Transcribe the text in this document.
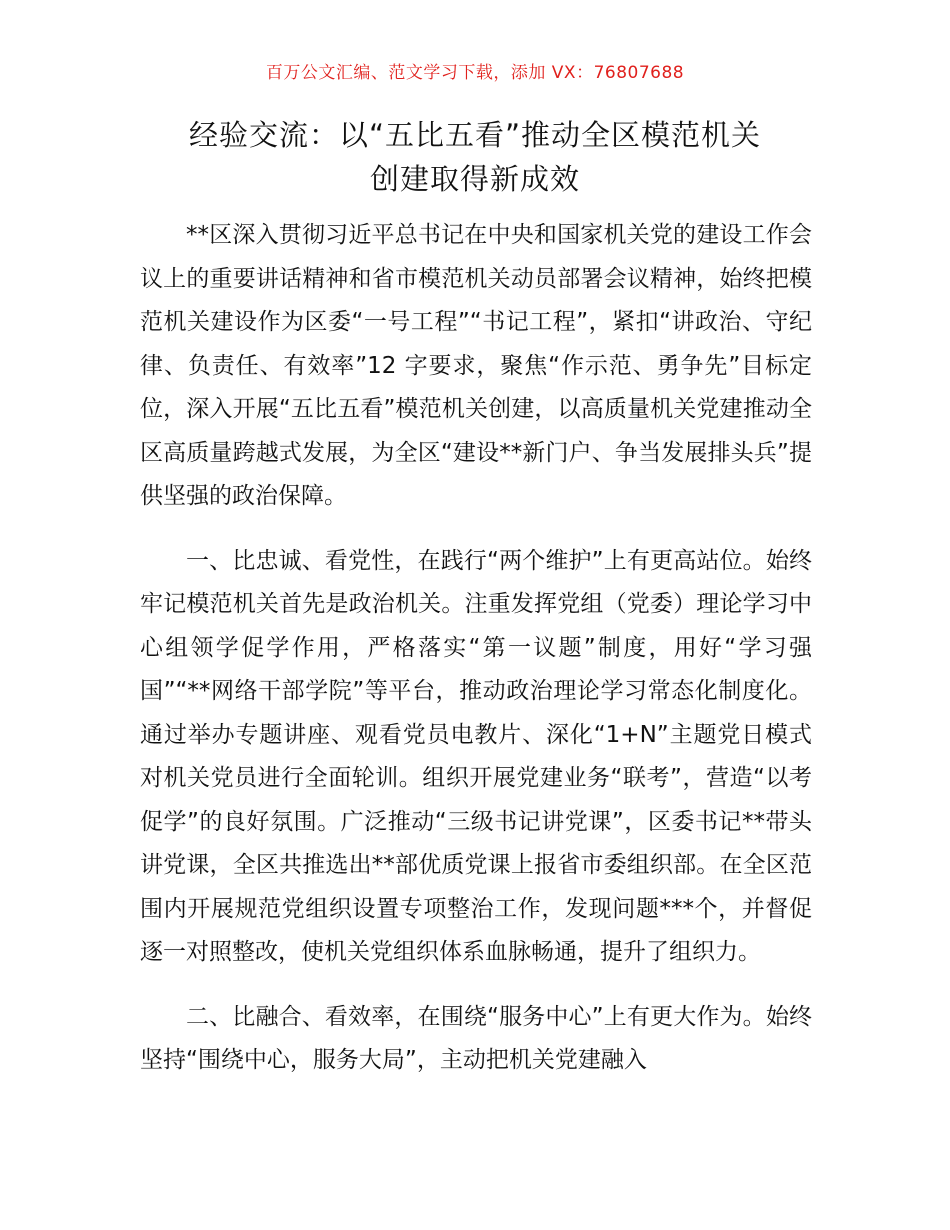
百万公文汇编、范文学习下载，添加 VX：76807688
经验交流：以“五比五看”推动全区模范机关
创建取得新成效

**区深入贯彻习近平总书记在中央和国家机关党的建设工作会议上的重要讲话精神和省市模范机关动员部署会议精神，始终把模范机关建设作为区委“一号工程”“书记工程”，紧扣“讲政治、守纪律、负责任、有效率”12 字要求，聚焦“作示范、勇争先”目标定位，深入开展“五比五看”模范机关创建，以高质量机关党建推动全区高质量跨越式发展，为全区“建设**新门户、争当发展排头兵”提供坚强的政治保障。

一、比忠诚、看党性，在践行“两个维护”上有更高站位。始终牢记模范机关首先是政治机关。注重发挥党组（党委）理论学习中心组领学促学作用，严格落实“第一议题”制度，用好“学习强国”“**网络干部学院”等平台，推动政治理论学习常态化制度化。通过举办专题讲座、观看党员电教片、深化“1+N”主题党日模式对机关党员进行全面轮训。组织开展党建业务“联考”，营造“以考促学”的良好氛围。广泛推动“三级书记讲党课”，区委书记**带头讲党课，全区共推选出**部优质党课上报省市委组织部。在全区范围内开展规范党组织设置专项整治工作，发现问题***个，并督促逐一对照整改，使机关党组织体系血脉畅通，提升了组织力。

二、比融合、看效率，在围绕“服务中心”上有更大作为。始终坚持“围绕中心，服务大局”，主动把机关党建融入
